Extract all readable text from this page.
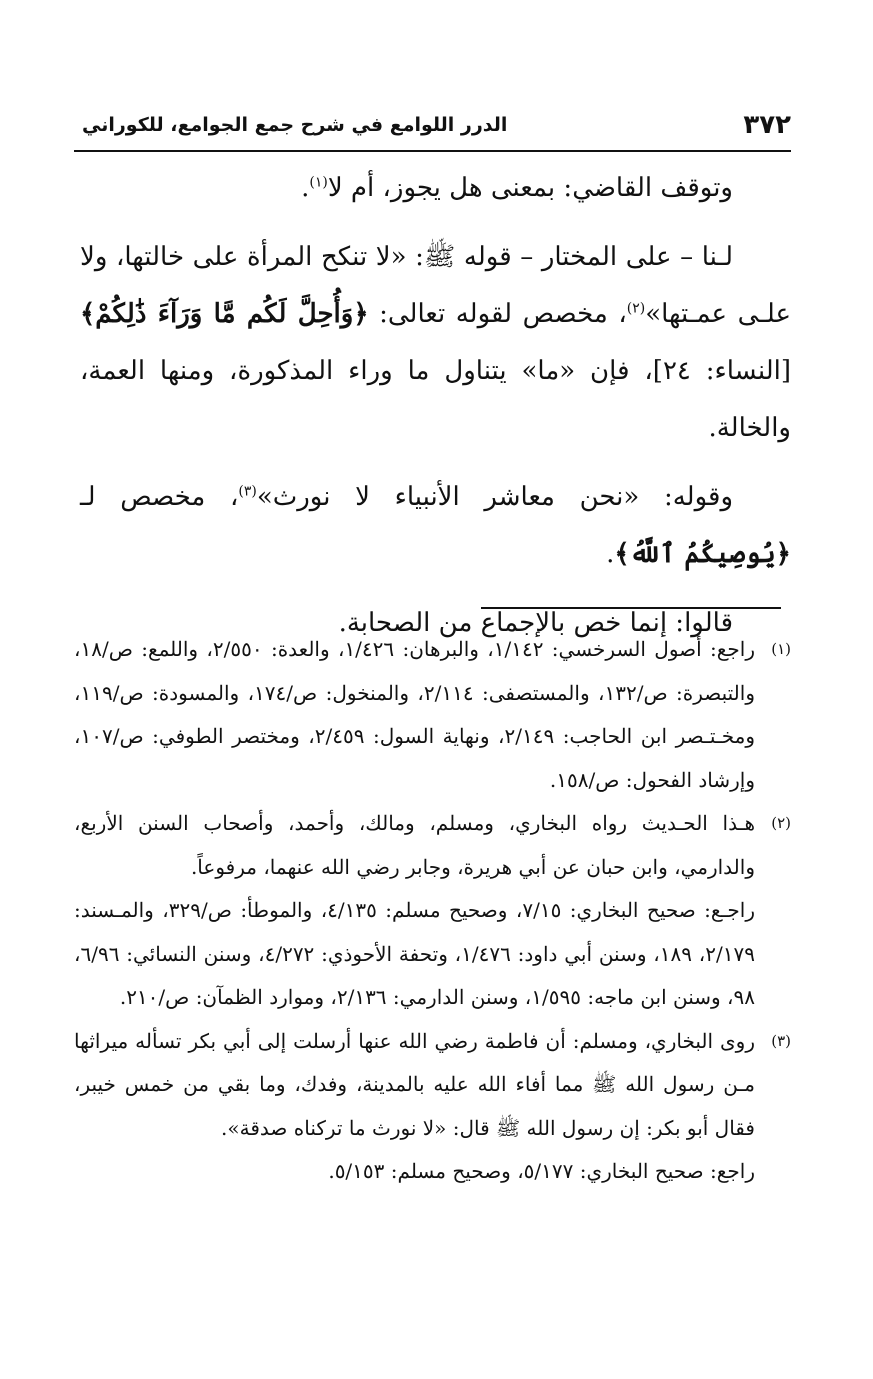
٣٧٢
الدرر اللوامع في شرح جمع الجوامع، للكوراني

وتوقف القاضي: بمعنى هل يجوز، أم لا$^{(١)}$.

لـنا – على المختار – قوله ﷺ: «لا تنكح المرأة على خالتها، ولا علـى عمـتها»$^{(٢)}$، مخصص لقوله تعالى: ﴿وَأُحِلَّ لَكُم مَّا وَرَآءَ ذَٰلِكُمْ﴾ [النساء: ٢٤]، فإن «ما» يتناول ما وراء المذكورة، ومنها العمة، والخالة.

وقوله: «نحن معاشر الأنبياء لا نورث»$^{(٣)}$، مخصص لـ ﴿يُوصِيكُمُ ٱللَّهُ﴾.

قالوا: إنما خص بالإجماع من الصحابة.

(١)
راجع: أصول السرخسي: ١/١٤٢، والبرهان: ١/٤٢٦، والعدة: ٢/٥٥٠، واللمع: ص/١٨، والتبصرة: ص/١٣٢، والمستصفى: ٢/١١٤، والمنخول: ص/١٧٤، والمسودة: ص/١١٩، ومخـتـصر ابن الحاجب: ٢/١٤٩، ونهاية السول: ٢/٤٥٩، ومختصر الطوفي: ص/١٠٧، وإرشاد الفحول: ص/١٥٨.

(٢)
هـذا الحـديث رواه البخاري، ومسلم، ومالك، وأحمد، وأصحاب السنن الأربع، والدارمي، وابن حبان عن أبي هريرة، وجابر رضي الله عنهما، مرفوعاً.
راجـع: صحيح البخاري: ٧/١٥، وصحيح مسلم: ٤/١٣٥، والموطأ: ص/٣٢٩، والمـسند: ٢/١٧٩، ١٨٩، وسنن أبي داود: ١/٤٧٦، وتحفة الأحوذي: ٤/٢٧٢، وسنن النسائي: ٦/٩٦، ٩٨، وسنن ابن ماجه: ١/٥٩٥، وسنن الدارمي: ٢/١٣٦، وموارد الظمآن: ص/٢١٠.

(٣)
روى البخاري، ومسلم: أن فاطمة رضي الله عنها أرسلت إلى أبي بكر تسأله ميراثها مـن رسول الله ﷺ مما أفاء الله عليه بالمدينة، وفدك، وما بقي من خمس خيبر، فقال أبو بكر: إن رسول الله ﷺ قال: «لا نورث ما تركناه صدقة».
راجع: صحيح البخاري: ٥/١٧٧، وصحيح مسلم: ٥/١٥٣.
